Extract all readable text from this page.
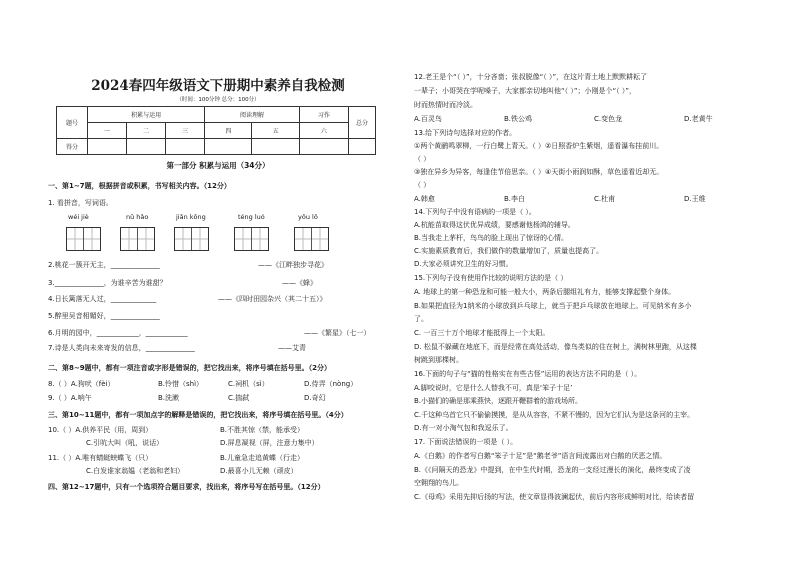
2024春四年级语文下册期中素养自我检测
（时间：100分钟 总分：100分）
题号	积累与运用			阅读理解		习作	总分
	一	二	三	四	五	六	
得分							
第一部分 积累与运用（34分）
一、第1~7题，根据拼音或积累，书写相关内容。（12分）
1. 看拼音，写词语。
wéi jiè	nǔ hǎo	jiǎn kōng	téng luó	yǒu lǒ
2.桃花一簇开无主，______________	——《江畔独步寻花》
3.______________，为谁辛苦为谁甜？	——《蜂》
4.日长篱落无人过，_____________	——《四时田园杂兴（其二十五）》
5.醉里吴音相媚好，______________
6.月明的园中，____________，____________	——《繁星》（七一）
7.诗是人类向未来寄发的信息，______________	——艾青
二、第8~9题中，都有一项注音或字形是错误的，把它找出来，将序号填在括号里。（2分）
8.（ ）A.狗吠（fèi）	B.怜惜（shì）	C.祠机（sì）	D.侍弄（nòng）
9.（ ）A.响午	B.洗漱	C.揣弑	D.奇幻
三、第10~11题中，都有一项加点字的解释是错误的，把它找出来，将序号填在括号里。（4分）
10.（ ）A.供养平民（用，周到）	B.不胜其惊（禁，能承受）
C.引吭大叫（吼，说话）	D.屏息凝视（屏，注意力集中）
11.（ ）A.唯有蜻蜓蛱蝶飞（只）	B.儿童急走追黄蝶（行走）
C.白发谁家翁媪（老翁和老妇）	D.最喜小儿无赖（顽皮）
四、第12~17题中，只有一个选项符合题目要求，找出来，将序号写在括号里。（12分）
12.老王是个“（ ）”，十分吝啬；张叔脱像“（ ）”，在这片青土地上默默耕耘了
一辈子；小哥哭在学呢嗓子，大家都亲切地叫他“（ ）”；小刚是个“（ ）”，
时而热情时而冷淡。
A.百灵鸟	B.铁公鸡	C.变色龙	D.老黄牛
13.给下列诗句选择对应的作者。
①两个黄鹂鸣翠柳，一行白鹭上青天。（ ）②日照香炉生紫烟，遥看瀑布挂前川。
（ ）
③独在异乡为异客，每逢佳节倍思亲。（ ）④天街小雨润如酥，草色遥看近却无。
（ ）
A.韩愈	B.李白	C.杜甫	D.王维
14.下列句子中没有语病的一项是（ ）。
A.杭能苗取得这伏优异成绩，要感谢他杨鸿的辅导。
B.当我走上茅杆，鸟鸟的脸上现出了惊讶的心情。
C.实施素质教育后，我们做作的数量增加了，质量也提高了。
D.大家必须讲究卫生的好习惯。
15.下列句子没有使用作比较的说明方法的是（ ）
A. 地球上的第一种恐龙和可能一般大小，两条后腿组礼有力，能够支撑起整个身体。
B.如果把直径为1纳米的小球放到乒乓球上，就当于把乒乓球放在地球上。可见纳米有多小
了。
C. 一百三十万个地球才能抵得上一个太阳。
D. 松鼠不躲藏在地底下，而是经常在高处活动，像鸟类似的住在树上，满树林里跑，从这棵
树跳到那棵树。
16.下面的句子与“猫的性格实在有些古怪”运用的表达方法不同的是（ ）。
A.脚咬说时，它是什么人替我不可，真是‘笨子十足’
B.小猫们的确是那乘燕快，逐跟开鞭群着的游戏场所。
C.千这种乌首它只不偷偷摸摸，是从从容容，不紧不慢的，因为它们认为是这条河的主宰。
D.有一对小淘气包和我逗乐了。
17. 下面说法错误的一项是（ ）。
A.《白鹅》的作者写白鹅“笨子十足”是“鹅老爷”语言间流露出对白鹅的厌恶之情。
B.《《问隔天的恐龙》中提到，在中生代时期，恐龙的一支经过漫长的演化，最终变成了凌
空翱翔的鸟儿。
C.《母鸡》采用先抑后扬的写法，使文章显得波澜起伏，前后内容形成鲜明对比，给读者留
